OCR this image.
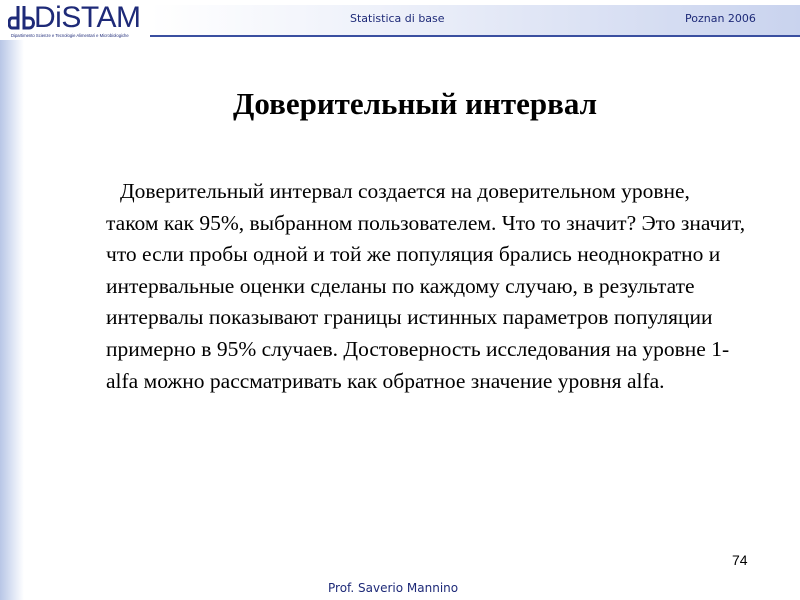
DiSTAM
Dipartimento Scienze e Tecnologie Alimentari e Microbiologiche
Statistica di base	Poznan 2006
Доверительный интервал
Доверительный интервал создается на доверительном уровне, таком как 95%, выбранном пользователем. Что то значит? Это значит, что если пробы одной и той же популяция брались неоднократно и интервальные оценки сделаны по каждому случаю, в результате интервалы показывают границы истинных параметров популяции примерно в 95% случаев. Достоверность исследования на уровне 1-alfa можно рассматривать как обратное значение уровня alfa.
74
Prof. Saverio Mannino
